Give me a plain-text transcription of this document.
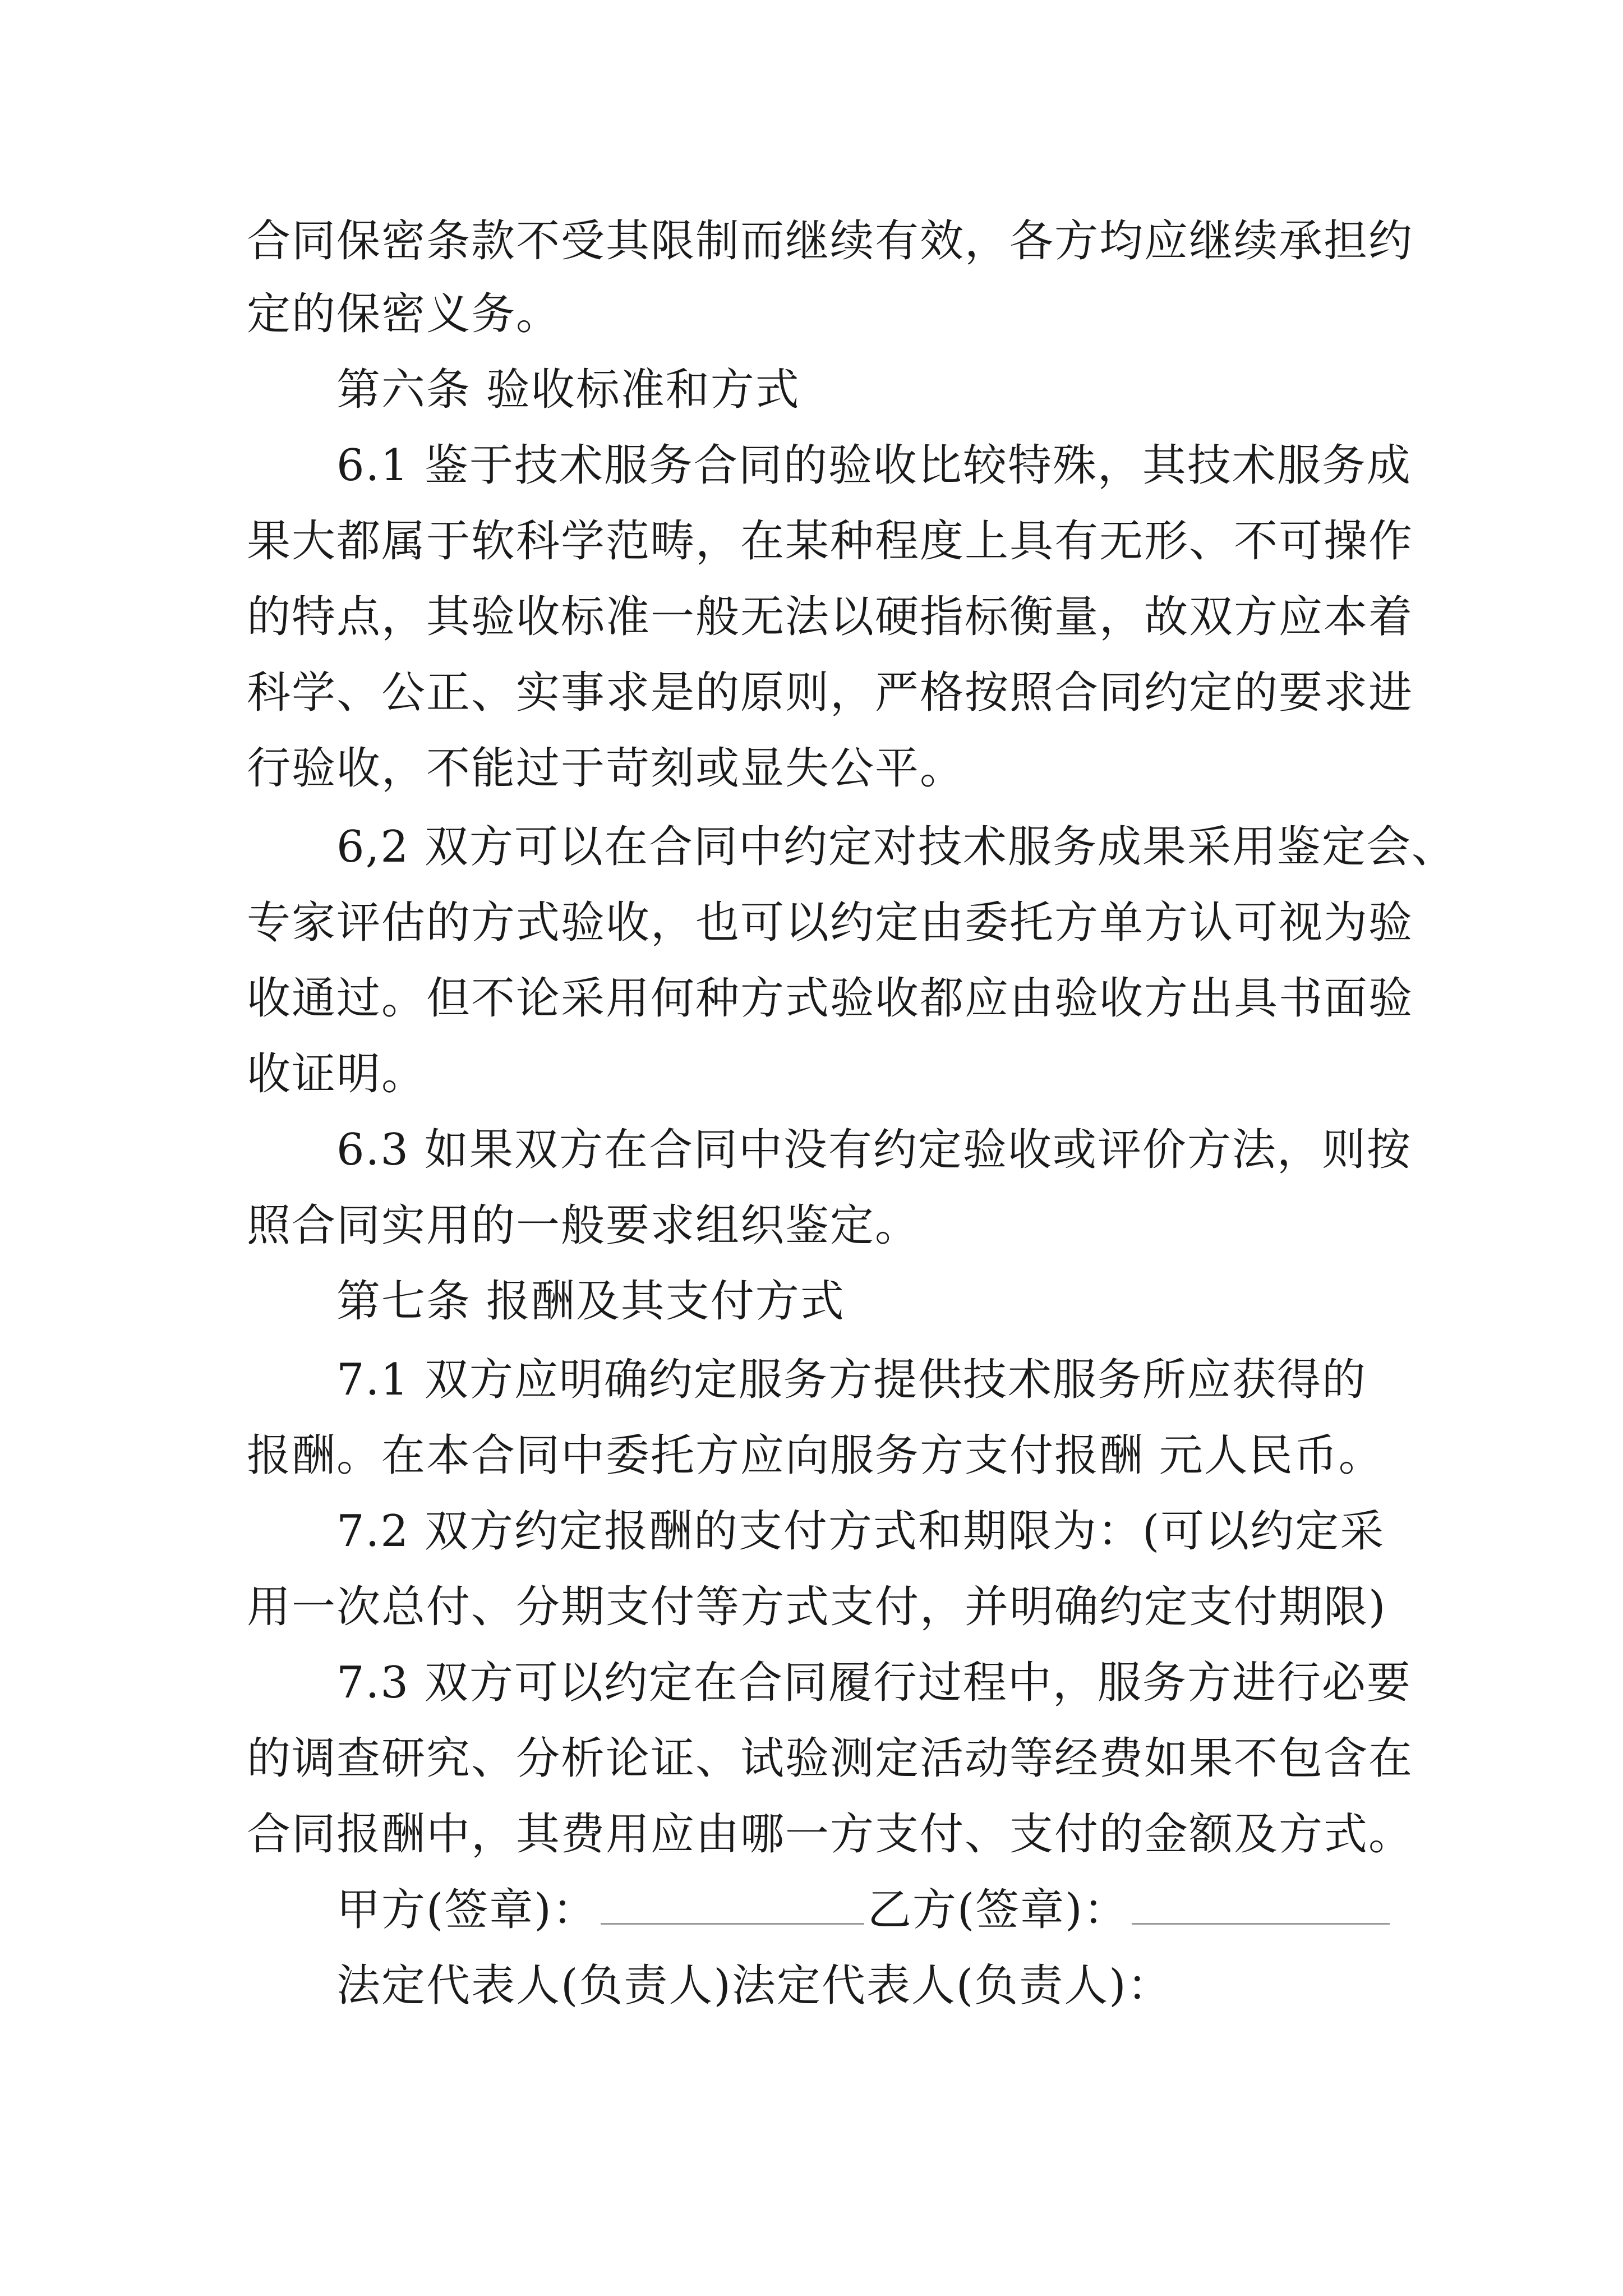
合同保密条款不受其限制而继续有效，各方均应继续承担约
定的保密义务。
第六条 验收标准和方式
6.1 鉴于技术服务合同的验收比较特殊，其技术服务成
果大都属于软科学范畴，在某种程度上具有无形、不可操作
的特点，其验收标准一般无法以硬指标衡量，故双方应本着
科学、公正、实事求是的原则，严格按照合同约定的要求进
行验收，不能过于苛刻或显失公平。
6,2 双方可以在合同中约定对技术服务成果采用鉴定会、
专家评估的方式验收，也可以约定由委托方单方认可视为验
收通过。但不论采用何种方式验收都应由验收方出具书面验
收证明。
6.3 如果双方在合同中没有约定验收或评价方法，则按
照合同实用的一般要求组织鉴定。
第七条 报酬及其支付方式
7.1 双方应明确约定服务方提供技术服务所应获得的
报酬。在本合同中委托方应向服务方支付报酬 元人民币。
7.2 双方约定报酬的支付方式和期限为：(可以约定采
用一次总付、分期支付等方式支付，并明确约定支付期限)
7.3 双方可以约定在合同履行过程中，服务方进行必要
的调查研究、分析论证、试验测定活动等经费如果不包含在
合同报酬中，其费用应由哪一方支付、支付的金额及方式。
甲方(签章)：	乙方(签章)：
法定代表人(负责人)法定代表人(负责人)：
